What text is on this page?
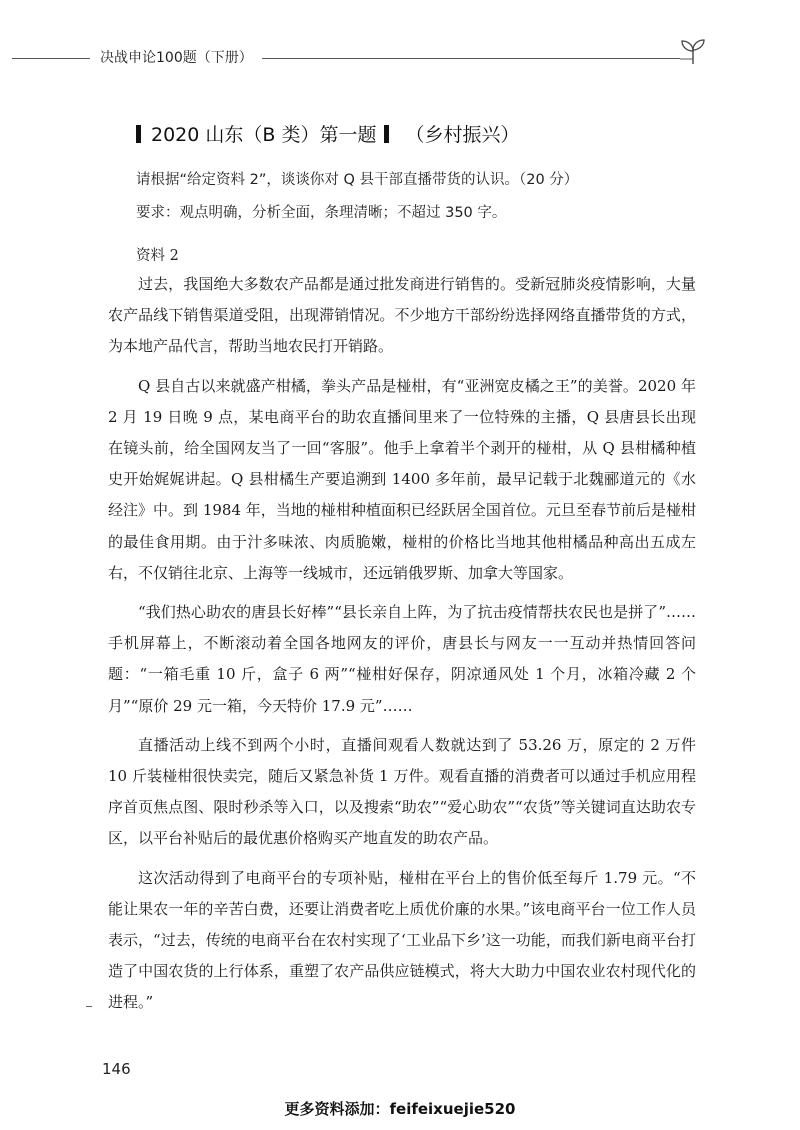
决战申论100题（下册）
2020 山东（B 类）第一题 （乡村振兴）
请根据“给定资料 2”，谈谈你对 Q 县干部直播带货的认识。（20 分）
要求：观点明确，分析全面，条理清晰；不超过 350 字。
资料 2

过去，我国绝大多数农产品都是通过批发商进行销售的。受新冠肺炎疫情影响，大量农产品线下销售渠道受阻，出现滞销情况。不少地方干部纷纷选择网络直播带货的方式，为本地产品代言，帮助当地农民打开销路。

Q 县自古以来就盛产柑橘，拳头产品是椪柑，有“亚洲宽皮橘之王”的美誉。2020 年 2 月 19 日晚 9 点，某电商平台的助农直播间里来了一位特殊的主播，Q 县唐县长出现在镜头前，给全国网友当了一回“客服”。他手上拿着半个剥开的椪柑，从 Q 县柑橘种植史开始娓娓讲起。Q 县柑橘生产要追溯到 1400 多年前，最早记载于北魏郦道元的《水经注》中。到 1984 年，当地的椪柑种植面积已经跃居全国首位。元旦至春节前后是椪柑的最佳食用期。由于汁多味浓、肉质脆嫩，椪柑的价格比当地其他柑橘品种高出五成左右，不仅销往北京、上海等一线城市，还远销俄罗斯、加拿大等国家。

“我们热心助农的唐县长好棒”“县长亲自上阵，为了抗击疫情帮扶农民也是拼了”……手机屏幕上，不断滚动着全国各地网友的评价，唐县长与网友一一互动并热情回答问题：“一箱毛重 10 斤，盒子 6 两”“椪柑好保存，阴凉通风处 1 个月，冰箱冷藏 2 个月”“原价 29 元一箱，今天特价 17.9 元”……

直播活动上线不到两个小时，直播间观看人数就达到了 53.26 万，原定的 2 万件 10 斤装椪柑很快卖完，随后又紧急补货 1 万件。观看直播的消费者可以通过手机应用程序首页焦点图、限时秒杀等入口，以及搜索“助农”“爱心助农”“农货”等关键词直达助农专区，以平台补贴后的最优惠价格购买产地直发的助农产品。

这次活动得到了电商平台的专项补贴，椪柑在平台上的售价低至每斤 1.79 元。“不能让果农一年的辛苦白费，还要让消费者吃上质优价廉的水果。”该电商平台一位工作人员表示，“过去，传统的电商平台在农村实现了‘工业品下乡’这一功能，而我们新电商平台打造了中国农货的上行体系，重塑了农产品供应链模式，将大大助力中国农业农村现代化的进程。”

146
更多资料添加：feifeixuejie520
